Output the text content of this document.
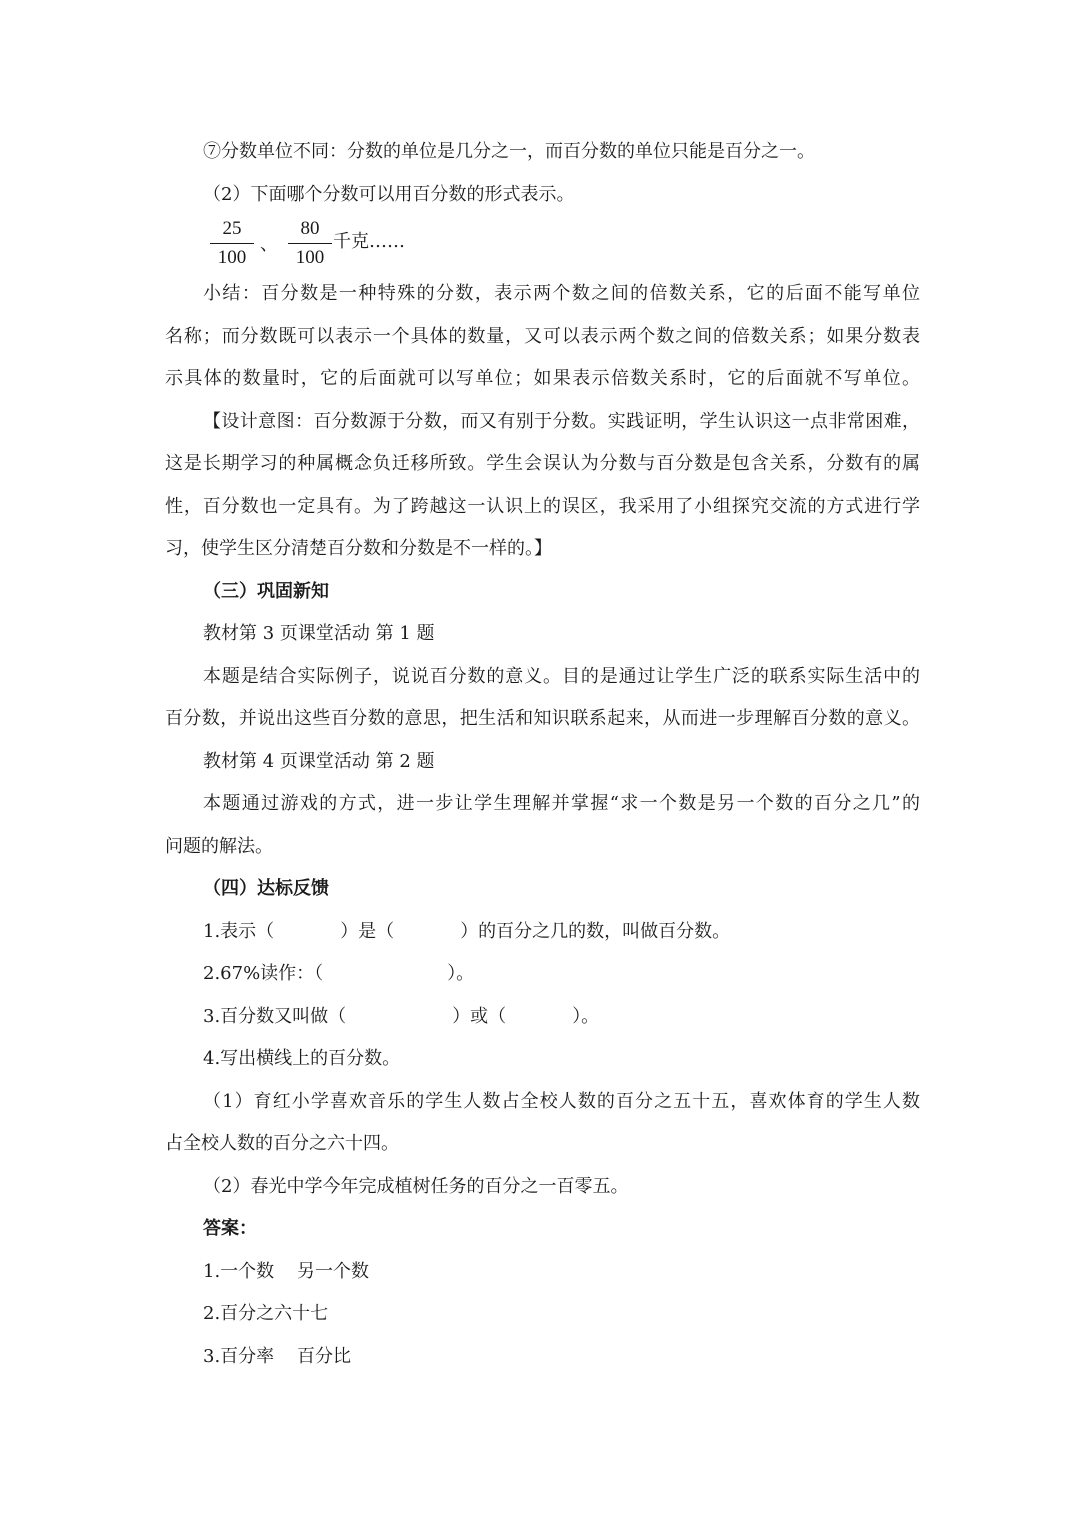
⑦分数单位不同：分数的单位是几分之一，而百分数的单位只能是百分之一。
（2）下面哪个分数可以用百分数的形式表示。
25
100
、
80
100
千克……
小结：百分数是一种特殊的分数，表示两个数之间的倍数关系，它的后面不能写单位
名称；而分数既可以表示一个具体的数量，又可以表示两个数之间的倍数关系；如果分数表
示具体的数量时，它的后面就可以写单位；如果表示倍数关系时，它的后面就不写单位。
【设计意图：百分数源于分数，而又有别于分数。实践证明，学生认识这一点非常困难，
这是长期学习的种属概念负迁移所致。学生会误认为分数与百分数是包含关系，分数有的属
性，百分数也一定具有。为了跨越这一认识上的误区，我采用了小组探究交流的方式进行学
习，使学生区分清楚百分数和分数是不一样的。】
（三）巩固新知
教材第 3 页课堂活动 第 1 题
本题是结合实际例子，说说百分数的意义。目的是通过让学生广泛的联系实际生活中的
百分数，并说出这些百分数的意思，把生活和知识联系起来，从而进一步理解百分数的意义。
教材第 4 页课堂活动 第 2 题
本题通过游戏的方式，进一步让学生理解并掌握“求一个数是另一个数的百分之几”的
问题的解法。
（四）达标反馈
1.表示（	）是（	）的百分之几的数，叫做百分数。
2.67%读作：（	）。
3.百分数又叫做（	）或（	）。
4.写出横线上的百分数。
（1）育红小学喜欢音乐的学生人数占全校人数的百分之五十五，喜欢体育的学生人数
占全校人数的百分之六十四。
（2）春光中学今年完成植树任务的百分之一百零五。
答案：
1.一个数    另一个数
2.百分之六十七
3.百分率    百分比
